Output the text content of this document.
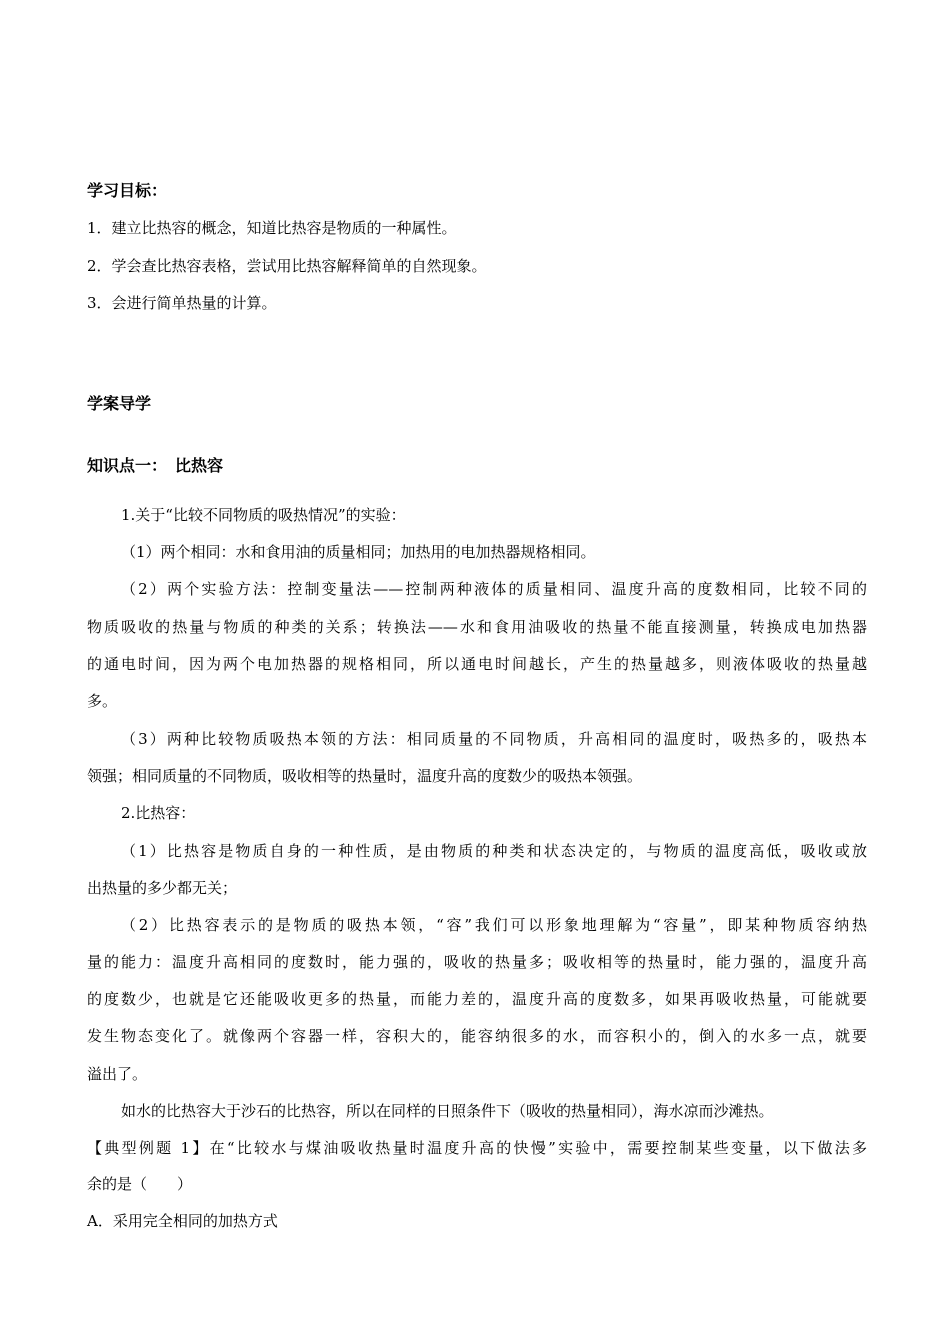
学习目标：
1．建立比热容的概念，知道比热容是物质的一种属性。
2．学会查比热容表格，尝试用比热容解释简单的自然现象。
3．会进行简单热量的计算。
学案导学
知识点一：　比热容
1.关于“比较不同物质的吸热情况”的实验：
（1）两个相同：水和食用油的质量相同；加热用的电加热器规格相同。
（2）两个实验方法：控制变量法——控制两种液体的质量相同、温度升高的度数相同，比较不同的
物质吸收的热量与物质的种类的关系；转换法——水和食用油吸收的热量不能直接测量，转换成电加热器
的通电时间，因为两个电加热器的规格相同，所以通电时间越长，产生的热量越多，则液体吸收的热量越
多。
（3）两种比较物质吸热本领的方法：相同质量的不同物质，升高相同的温度时，吸热多的，吸热本
领强；相同质量的不同物质，吸收相等的热量时，温度升高的度数少的吸热本领强。
2.比热容：
（1）比热容是物质自身的一种性质，是由物质的种类和状态决定的，与物质的温度高低，吸收或放
出热量的多少都无关；
（2）比热容表示的是物质的吸热本领，“容”我们可以形象地理解为“容量”，即某种物质容纳热
量的能力：温度升高相同的度数时，能力强的，吸收的热量多；吸收相等的热量时，能力强的，温度升高
的度数少，也就是它还能吸收更多的热量，而能力差的，温度升高的度数多，如果再吸收热量，可能就要
发生物态变化了。就像两个容器一样，容积大的，能容纳很多的水，而容积小的，倒入的水多一点，就要
溢出了。
如水的比热容大于沙石的比热容，所以在同样的日照条件下（吸收的热量相同），海水凉而沙滩热。
【典型例题 1】在“比较水与煤油吸收热量时温度升高的快慢”实验中，需要控制某些变量，以下做法多
余的是（　　）
A．采用完全相同的加热方式
